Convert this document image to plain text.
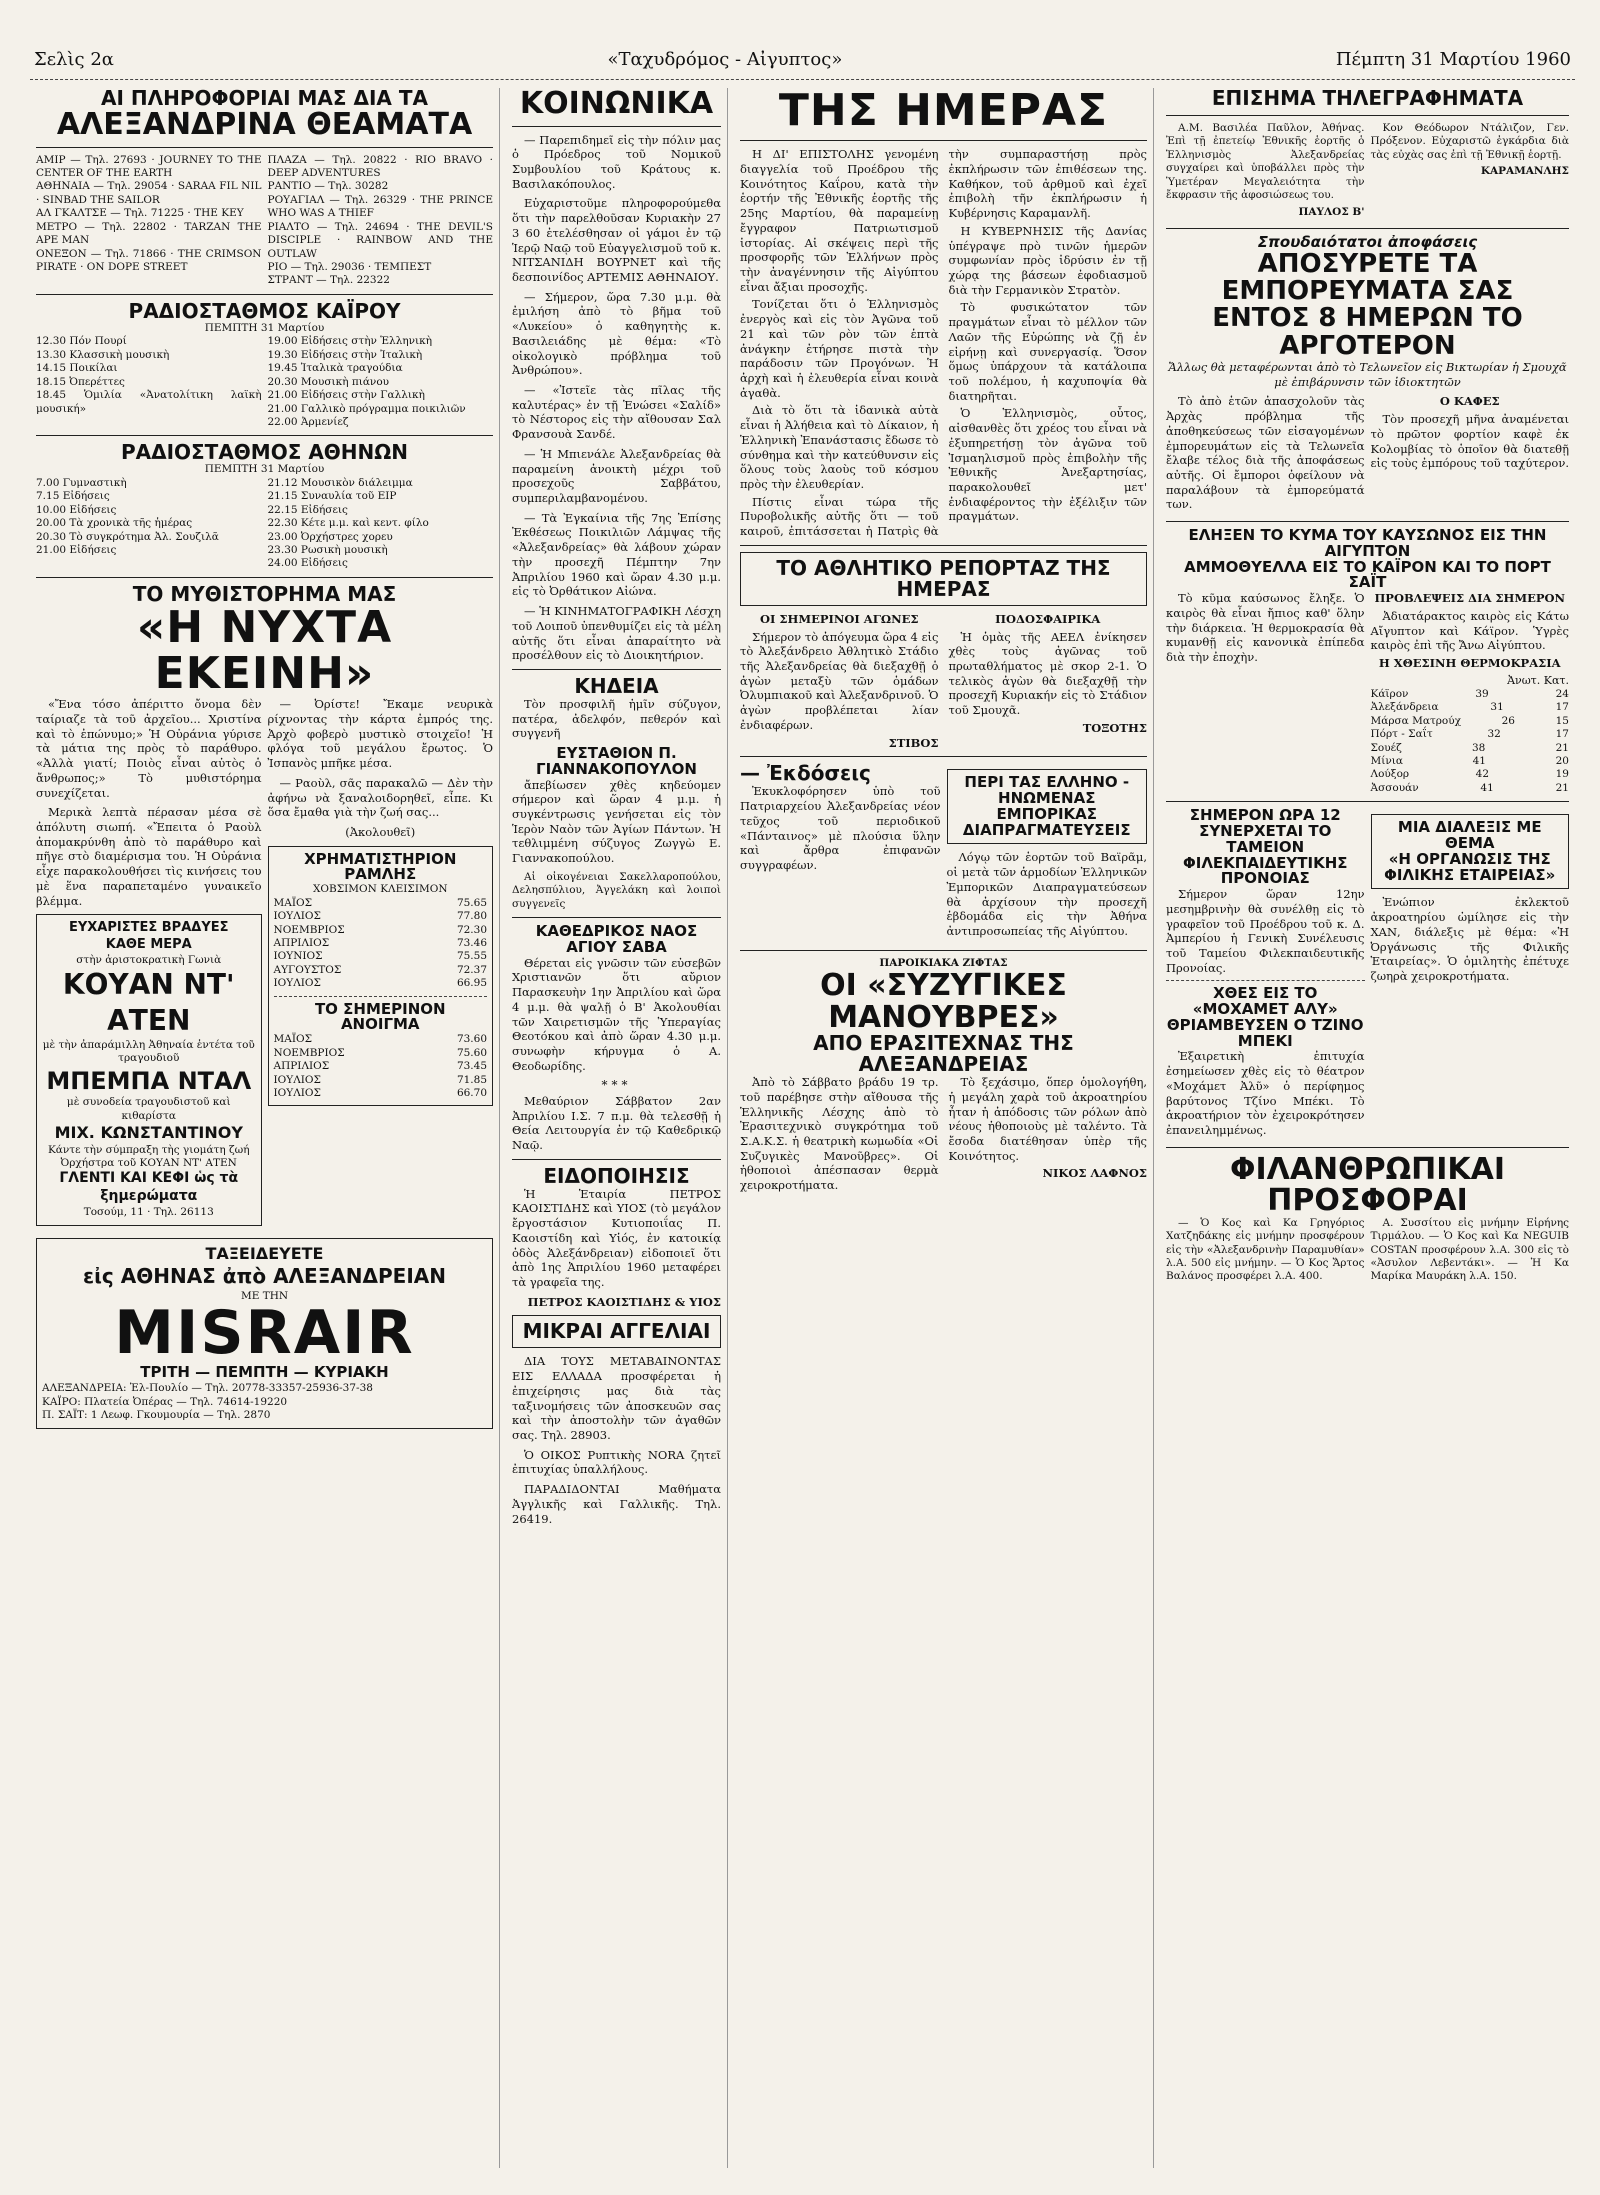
Σελὶς 2α	«Ταχυδρόμος - Αἰγυπτος»	Πέμπτη 31 Μαρτίου 1960
ΑΙ ΠΛΗΡΟΦΟΡΙΑΙ ΜΑΣ ΔΙΑ ΤΑ
ΑΛΕΞΑΝΔΡΙΝΑ ΘΕΑΜΑΤΑ
ΑΜΙΡ — Τηλ. 27693 · JOURNEY TO THE CENTER OF THE EARTH
ΑΘΗΝΑΙΑ — Τηλ. 29054 · SARAA FIL NIL · SINBAD THE SAILOR
ΑΛ ΓΚΑΛΤΣΕ — Τηλ. 71225 · THE KEY
ΜΕΤΡΟ — Τηλ. 22802 · TARZAN THE APE MAN
ΟΝΕΞΟΝ — Τηλ. 71866 · THE CRIMSON PIRATE · ON DOPE STREET
ΠΛΑΖΑ — Τηλ. 20822 · RIO BRAVO · DEEP ADVENTURES
ΡΑΝΤΙΟ — Τηλ. 30282
ΡΟΥΑΓΙΑΛ — Τηλ. 26329 · THE PRINCE WHO WAS A THIEF
ΡΙΑΛΤΟ — Τηλ. 24694 · THE DEVIL'S DISCIPLE · RAINBOW AND THE OUTLAW
ΡΙΟ — Τηλ. 29036 · ΤΕΜΠΕΣΤ
ΣΤΡΑΝΤ — Τηλ. 22322
ΡΑΔΙΟΣΤΑΘΜΟΣ ΚΑΪΡΟΥ
ΠΕΜΠΤΗ 31 Μαρτίου
12.30 Πόν Πουρί
13.30 Κλασσικὴ μουσικὴ
14.15 Ποικίλαι
18.15 Ὀπερέττες
18.45 Ὁμιλία «Ἀνατολίτικη λαϊκὴ μουσική»
19.00 Εἰδήσεις στὴν Ἑλληνικὴ
19.30 Εἰδήσεις στὴν Ἰταλικὴ
19.45 Ἰταλικὰ τραγούδια
20.30 Μουσικὴ πιάνου
21.00 Εἰδήσεις στὴν Γαλλικὴ
21.00 Γαλλικὸ πρόγραμμα ποικιλιῶν
22.00 Ἀρμενίεζ
ΡΑΔΙΟΣΤΑΘΜΟΣ ΑΘΗΝΩΝ
ΠΕΜΠΤΗ 31 Μαρτίου
7.00 Γυμναστικὴ
7.15 Εἰδήσεις
10.00 Εἰδήσεις
20.00 Τὰ χρονικὰ τῆς ἡμέρας
20.30 Τὸ συγκρότημα Ἀλ. Σουζιλᾶ
21.00 Εἰδήσεις
21.12 Μουσικὸν διάλειμμα
21.15 Συναυλία τοῦ ΕΙΡ
22.15 Εἰδήσεις
22.30 Κέτε μ.μ. καὶ κεντ. φίλο
23.00 Ὀρχήστρες χορευ
23.30 Ρωσικὴ μουσικὴ
24.00 Εἰδήσεις
ΤΟ ΜΥΘΙΣΤΟΡΗΜΑ ΜΑΣ
«Η ΝΥΧΤΑ ΕΚΕΙΝΗ»

«Ἔνα τόσο ἀπέριττο ὄνομα δὲν ταίριαζε τὰ τοῦ ἀρχεῖου... Χριστίνα καὶ τὸ ἐπώνυμο;» Ἡ Οὐράνια γύρισε τὰ μάτια της πρὸς τὸ παράθυρο. «Ἀλλὰ γιατί; Ποιὸς εἶναι αὐτὸς ὁ ἄνθρωπος;» Τὸ μυθιστόρημα συνεχίζεται.

Μερικὰ λεπτὰ πέρασαν μέσα σὲ ἀπόλυτη σιωπή. «Ἔπειτα ὁ Ραοὺλ ἀπομακρύνθη ἀπὸ τὸ παράθυρο καὶ πῆγε στὸ διαμέρισμα του. Ἡ Οὐράνια εἶχε παρακολουθήσει τὶς κινήσεις του μὲ ἕνα παραπεταμένο γυναικεῖο βλέμμα.

ΕΥΧΑΡΙΣΤΕΣ ΒΡΑΔΥΕΣ
ΚΑΘΕ ΜΕΡΑ
στὴν ἀριστοκρατικὴ Γωνιὰ
ΚΟΥΑΝ ΝΤ' ΑΤΕΝ
μὲ τὴν ἀπαράμιλλη Ἀθηναία ἑντέτα τοῦ τραγουδιοῦ
ΜΠΕΜΠΑ ΝΤΑΛ
μὲ συνοδεία τραγουδιστοῦ καὶ κιθαρίστα
ΜΙΧ. ΚΩΝΣΤΑΝΤΙΝΟΥ
Κάντε τὴν σύμπραξη τὴς γιομάτη ζωή Ὀρχήστρα τοῦ ΚΟΥΑΝ ΝΤ' ΑΤΕΝ
ΓΛΕΝΤΙ ΚΑΙ ΚΕΦΙ ὡς τὰ ξημερώματα
Τοσούμ, 11 · Τηλ. 26113

— Ὀρίστε! Ἔκαμε νευρικὰ ρίχνοντας τὴν κάρτα ἐμπρός της. Ἀρχὸ φοβερὸ μυστικὸ στοιχεῖο! Ἡ φλόγα τοῦ μεγάλου ἔρωτος. Ὁ Ἰσπανὸς μπῆκε μέσα.

— Ραοὺλ, σᾶς παρακαλῶ — Δὲν τὴν ἀφήνω νὰ ξαναλοιδορηθεῖ, εἶπε. Κι ὅσα ἔμαθα γιὰ τὴν ζωή σας...

(Ἀκολουθεῖ)

ΧΡΗΜΑΤΙΣΤΗΡΙΟΝ ΡΑΜΛΗΣ
ΧΟΒΣΙΜΟΝ ΚΛΕΙΣΙΜΟΝ
ΜΑΪΟΣ	75.65
ΙΟΥΛΙΟΣ	77.80
ΝΟΕΜΒΡΙΟΣ	72.30
ΑΠΡΙΛΙΟΣ	73.46
ΙΟΥΝΙΟΣ	75.55
ΑΥΓΟΥΣΤΟΣ	72.37
ΙΟΥΛΙΟΣ	66.95
ΤΟ ΣΗΜΕΡΙΝΟΝ ΑΝΟΙΓΜΑ
ΜΑΪΟΣ	73.60
ΝΟΕΜΒΡΙΟΣ	75.60
ΑΠΡΙΛΙΟΣ	73.45
ΙΟΥΛΙΟΣ	71.85
ΙΟΥΛΙΟΣ	66.70
ΤΑΞΕΙΔΕΥΕΤΕ
εἰς ΑΘΗΝΑΣ ἀπὸ ΑΛΕΞΑΝΔΡΕΙΑΝ
ΜΕ ΤΗΝ
MISRAIR
ΤΡΙΤΗ — ΠΕΜΠΤΗ — ΚΥΡΙΑΚΗ
ΑΛΕΞΑΝΔΡΕΙΑ: Ἐλ-Πουλίο — Τηλ. 20778-33357-25936-37-38
ΚΑΪΡΟ: Πλατεία Ὀπέρας — Τηλ. 74614-19220
Π. ΣΑΪΤ: 1 Λεωφ. Γκουμουρία — Τηλ. 2870
ΚΟΙΝΩΝΙΚΑ

— Παρεπιδημεῖ εἰς τὴν πόλιν μας ὁ Πρόεδρος τοῦ Νομικοῦ Συμβουλίου τοῦ Κράτους κ. Βασιλακόπουλος.

Εὐχαριστοῦμε πληροφορούμεθα ὅτι τὴν παρελθοῦσαν Κυριακὴν 27 3 60 ἐτελέσθησαν οἱ γάμοι ἐν τῷ Ἱερῷ Ναῷ τοῦ Εὐαγγελισμοῦ τοῦ κ. ΝΙΤΣΑΝΙΔΗ ΒΟΥΡΝΕΤ καὶ τῆς δεσποινίδος ΑΡΤΕΜΙΣ ΑΘΗΝΑΙΟΥ.

— Σήμερον, ὥρα 7.30 μ.μ. θὰ ἐμιλήση ἀπὸ τὸ βῆμα τοῦ «Λυκείου» ὁ καθηγητὴς κ. Βασιλειάδης μὲ θέμα: «Τὸ οἰκολογικὸ πρόβλημα τοῦ Ἀνθρώπου».

— «Ἱστεῖε τὰς πῖλας τῆς καλυτέρας» ἐν τῇ Ἑνώσει «Σαλίδ» τὸ Νέστορος εἰς τὴν αἴθουσαν Σαλ Φρανσουὰ Σανδέ.

— Ἡ Μπιενάλε Ἀλεξανδρείας θὰ παραμείνη ἀνοικτὴ μέχρι τοῦ προσεχοῦς Σαββάτου, συμπεριλαμβανομένου.

— Τὰ Ἐγκαίνια τῆς 7ης Ἐπίσης Ἐκθέσεως Ποικιλιῶν Λάμψας τῆς «Ἀλεξανδρείας» θὰ λάβουν χώραν τὴν προσεχῆ Πέμπτην 7ην Ἀπριλίου 1960 καὶ ὥραν 4.30 μ.μ. εἰς τὸ Ὀρθάτικον Αἰώνα.

— Ἡ ΚΙΝΗΜΑΤΟΓΡΑΦΙΚΗ Λέσχη τοῦ Λοιποῦ ὑπενθυμίζει εἰς τὰ μέλη αὐτῆς ὅτι εἶναι ἀπαραίτητο νὰ προσέλθουν εἰς τὸ Διοικητήριον.

ΚΗΔΕΙΑ

Τὸν προσφιλῆ ἡμῖν σύζυγον, πατέρα, ἀδελφόν, πεθερόν καὶ συγγενῆ

ΕΥΣΤΑΘΙΟΝ Π. ΓΙΑΝΝΑΚΟΠΟΥΛΟΝ

ἄπεβίωσεν χθὲς κηδεύομεν σήμερον καὶ ὥραν 4 μ.μ. ἡ συγκέντρωσις γενήσεται εἰς τὸν Ἱερὸν Ναὸν τῶν Ἀγίων Πάντων. Ἡ τεθλιμμένη σύζυγος Ζωγγὼ Ε. Γιαννακοπούλου.

Αἱ οἰκογένειαι Σακελλαροπούλου, Δελησπύλιου, Ἀγγελάκη καὶ λοιποὶ συγγενεῖς

ΚΑΘΕΔΡΙΚΟΣ ΝΑΟΣ ΑΓΙΟΥ ΣΑΒΑ

Θέρεται εἰς γνῶσιν τῶν εὐσεβῶν Χριστιανῶν ὅτι αὔριον Παρασκευὴν 1ην Ἀπριλίου καὶ ὥρα 4 μ.μ. θὰ ψαλῇ ὁ Β' Ἀκολουθίαι τῶν Χαιρετισμῶν τῆς Ὑπεραγίας Θεοτόκου καὶ ἀπὸ ὥραν 4.30 μ.μ. συνωφὴν κήρυγμα ὁ Α. Θεοδωρίδης.

***

Μεθαύριον Σάββατον 2αν Ἀπριλίου Ι.Σ. 7 π.μ. θὰ τελεσθῇ ἡ Θεία Λειτουργία ἐν τῷ Καθεδρικῷ Ναῷ.

ΕΙΔΟΠΟΙΗΣΙΣ

Ἡ Ἑταιρία ΠΕΤΡΟΣ ΚΑΟΙΣΤΙΔΗΣ καὶ ΥΙΟΣ (τὸ μεγάλον ἔργοστάσιον Κυτιοποιΐας Π. Καοιστίδη καὶ Υἱός, ἐν κατοικίᾳ ὁδὸς Ἀλεξάνδρειαν) εἰδοποιεῖ ὅτι ἀπὸ 1ης Ἀπριλίου 1960 μεταφέρει τὰ γραφεῖα της.

ΠΕΤΡΟΣ ΚΑΟΙΣΤΙΔΗΣ & ΥΙΟΣ

ΜΙΚΡΑΙ ΑΓΓΕΛΙΑΙ

ΔΙΑ ΤΟΥΣ ΜΕΤΑΒΑΙΝΟΝΤΑΣ ΕΙΣ ΕΛΛΑΔΑ προσφέρεται ἡ ἐπιχείρησις μας διὰ τὰς ταξινομήσεις τῶν ἀποσκευῶν σας καὶ τὴν ἀποστολὴν τῶν ἀγαθῶν σας. Τηλ. 28903.

Ὁ ΟΙΚΟΣ Ρυπτικὴς NORA ζητεῖ ἐπιτυχίας ὑπαλλήλους.

ΠΑΡΑΔΙΔΟΝΤΑΙ Μαθήματα Ἀγγλικῆς καὶ Γαλλικῆς. Τηλ. 26419.

ΤΗΣ ΗΜΕΡΑΣ

Η ΔΙ' ΕΠΙΣΤΟΛΗΣ γενομένη διαγγελία τοῦ Προέδρου τῆς Κοινότητος Καΐρου, κατὰ τὴν ἑορτήν τῆς Ἐθνικῆς ἑορτῆς τῆς 25ης Μαρτίου, θὰ παραμείνῃ ἔγγραφον Πατριωτισμοῦ ἱστορίας. Αἱ σκέψεις περὶ τῆς προσφορῆς τῶν Ἑλλήνων πρὸς τὴν ἀναγέννησιν τῆς Αἰγύπτου εἶναι ἄξιαι προσοχῆς.

Τονίζεται ὅτι ὁ Ἑλληνισμὸς ἐνεργὸς καὶ εἰς τὸν Ἀγῶνα τοῦ 21 καὶ τῶν ρὸν τῶν ἑπτὰ ἀνάγκην ἐτήρησε πιστὰ τὴν παράδοσιν τῶν Προγόνων. Ἡ ἀρχὴ καὶ ἡ ἐλευθερία εἶναι κοινὰ ἀγαθὰ.

Διὰ τὸ ὅτι τὰ ἰδανικὰ αὐτὰ εἶναι ἡ Ἀλήθεια καὶ τὸ Δίκαιον, ἡ Ἑλληνικὴ Ἐπανάστασις ἔδωσε τὸ σύνθημα καὶ τὴν κατεύθυνσιν εἰς ὅλους τοὺς λαοὺς τοῦ κόσμου πρὸς τὴν ἐλευθερίαν.

Πίστις εἶναι τώρα τῆς Πυροβολικῆς αὐτῆς ὅτι — τοῦ καιροῦ, ἐπιτάσσεται ἡ Πατρὶς θὰ τὴν συμπαραστήσῃ πρὸς ἐκπλήρωσιν τῶν ἐπιθέσεων της. Καθήκον, τοῦ ἀρθμοῦ καὶ ἐχεῖ ἐπιβολὴ τῆν ἐκπλήρωσιν ἡ Κυβέρνησις Καραμανλῆ.

Η ΚΥΒΕΡΝΗΣΙΣ τῆς Δανίας ὑπέγραψε πρὸ τινῶν ἡμερῶν συμφωνίαν πρὸς ἰδρύσιν ἐν τῇ χώρᾳ της βάσεων ἐφοδιασμοῦ διὰ τὴν Γερμανικὸν Στρατὸν.

Τὸ φυσικώτατον τῶν πραγμάτων εἶναι τὸ μέλλον τῶν Λαῶν τῆς Εὐρώπης νὰ ζῇ ἐν εἰρήνῃ καὶ συνεργασίᾳ. Ὅσον ὅμως ὑπάρχουν τὰ κατάλοιπα τοῦ πολέμου, ἡ καχυποψία θὰ διατηρῆται.

Ὁ Ἑλληνισμὸς, οὗτος, αἰσθανθὲς ὅτι χρέος του εἶναι νὰ ἐξυπηρετήσῃ τὸν ἀγῶνα τοῦ Ἰσμαηλισμοῦ πρὸς ἐπιβολὴν τῆς Ἐθνικῆς Ἀνεξαρτησίας, παρακολουθεῖ μετ' ἐνδιαφέροντος τὴν ἐξέλιξιν τῶν πραγμάτων.

ΤΟ ΑΘΛΗΤΙΚΟ ΡΕΠΟΡΤΑΖ ΤΗΣ ΗΜΕΡΑΣ

ΟΙ ΣΗΜΕΡΙΝΟΙ ΑΓΩΝΕΣ

Σήμερον τὸ ἀπόγευμα ὥρα 4 εἰς τὸ Ἀλεξάνδρειο Ἀθλητικὸ Στάδιο τῆς Ἀλεξανδρείας θὰ διεξαχθῇ ὁ ἀγὼν μεταξὺ τῶν ὁμάδων Ὀλυμπιακοῦ καὶ Ἀλεξανδρινοῦ. Ὁ ἀγὼν προβλέπεται λίαν ἐνδιαφέρων.

ΣΤΙΒΟΣ

ΠΟΔΟΣΦΑΙΡΙΚΑ

Ἡ ὁμὰς τῆς ΑΕΕΛ ἐνίκησεν χθὲς τοὺς ἀγῶνας τοῦ πρωταθλήματος μὲ σκορ 2-1. Ὁ τελικὸς ἀγὼν θὰ διεξαχθῇ τὴν προσεχῆ Κυριακήν εἰς τὸ Στάδιον τοῦ Σμουχᾶ.

ΤΟΞΟΤΗΣ

— Ἐκδόσεις

Ἐκυκλοφόρησεν ὑπὸ τοῦ Πατριαρχείου Ἀλεξανδρείας νέον τεῦχος τοῦ περιοδικοῦ «Πάνταινος» μὲ πλούσια ὕλην καὶ ἄρθρα ἐπιφανῶν συγγραφέων.

ΠΕΡΙ ΤΑΣ ΕΛΛΗΝΟ - ΗΝΩΜΕΝΑΣ ΕΜΠΟΡΙΚΑΣ ΔΙΑΠΡΑΓΜΑΤΕΥΣΕΙΣ

Λόγῳ τῶν ἑορτῶν τοῦ Βαϊρᾶμ, οἱ μετὰ τῶν ἁρμοδίων Ἑλληνικῶν Ἐμπορικῶν Διαπραγματεύσεων θὰ ἀρχίσουν τὴν προσεχῆ ἑβδομάδα εἰς τὴν Ἀθήνα ἀντιπροσωπείας τῆς Αἰγύπτου.

ΠΑΡΟΙΚΙΑΚΑ ΖΙΦΤΑΣ
ΟΙ «ΣΥΖΥΓΙΚΕΣ ΜΑΝΟΥΒΡΕΣ»
ΑΠΟ ΕΡΑΣΙΤΕΧΝΑΣ ΤΗΣ ΑΛΕΞΑΝΔΡΕΙΑΣ

Ἀπὸ τὸ Σάββατο βράδυ 19 τρ. τοῦ παρέβησε στὴν αἴθουσα τῆς Ἑλληνικῆς Λέσχης ἀπὸ τὸ Ἐρασιτεχνικὸ συγκρότημα τοῦ Σ.Α.Κ.Σ. ἡ θεατρικὴ κωμωδία «Οἱ Συζυγικὲς Μανοῦβρες». Οἱ ἡθοποιοὶ ἀπέσπασαν θερμὰ χειροκροτήματα.

Τὸ ξεχάσιμο, ὅπερ ὁμολογήθη, ἡ μεγάλη χαρὰ τοῦ ἀκροατηρίου ἦταν ἡ ἀπόδοσις τῶν ρόλων ἀπὸ νέους ἡθοποιοὺς μὲ ταλέντο. Τὰ ἔσοδα διατέθησαν ὑπὲρ τῆς Κοινότητος.

ΝΙΚΟΣ ΛΑΦΝΟΣ

ΕΠΙΣΗΜΑ ΤΗΛΕΓΡΑΦΗΜΑΤΑ

Α.Μ. Βασιλέα Παῦλον, Ἀθήνας. Ἐπὶ τῇ ἐπετείῳ Ἐθνικῆς ἑορτῆς ὁ Ἑλληνισμὸς Ἀλεξανδρείας συγχαίρει καὶ ὑποβάλλει πρὸς τὴν Ὑμετέραν Μεγαλειότητα τὴν ἔκφρασιν τῆς ἀφοσιώσεως του.

ΠΑΥΛΟΣ Β'

Κον Θεόδωρον Ντάλιζον, Γεν. Πρόξενον. Εὐχαριστῶ ἐγκάρδια διὰ τὰς εὐχὰς σας ἐπὶ τῇ Ἐθνικῇ ἑορτῇ.

ΚΑΡΑΜΑΝΛΗΣ

Σπουδαιότατοι ἀποφάσεις
ΑΠΟΣΥΡΕΤΕ ΤΑ ΕΜΠΟΡΕΥΜΑΤΑ ΣΑΣ
ΕΝΤΟΣ 8 ΗΜΕΡΩΝ ΤΟ ΑΡΓΟΤΕΡΟΝ

Ἄλλως θὰ μεταφέρωνται ἀπὸ τὸ Τελωνεῖον εἰς Βικτωρίαν ἡ Σμουχᾶ μὲ ἐπιβάρυνσιν τῶν ἰδιοκτητῶν

Τὸ ἀπὸ ἑτῶν ἀπασχολοῦν τὰς Ἀρχὰς πρόβλημα τῆς ἀποθηκεύσεως τῶν εἰσαγομένων ἐμπορευμάτων εἰς τὰ Τελωνεῖα ἔλαβε τέλος διὰ τῆς ἀποφάσεως αὐτῆς. Οἱ ἔμποροι ὀφείλουν νὰ παραλάβουν τὰ ἐμπορεύματά των.

Ο ΚΑΦΕΣ

Τὸν προσεχῆ μῆνα ἀναμένεται τὸ πρῶτον φορτίον καφὲ ἐκ Κολομβίας τὸ ὁποῖον θὰ διατεθῇ εἰς τοὺς ἐμπόρους τοῦ ταχύτερον.

ΕΛΗΞΕΝ ΤΟ ΚΥΜΑ ΤΟΥ ΚΑΥΣΩΝΟΣ ΕΙΣ ΤΗΝ ΑΙΓΥΠΤΟΝ
ΑΜΜΟΘΥΕΛΛΑ ΕΙΣ ΤΟ ΚΑΪΡΟΝ ΚΑΙ ΤΟ ΠΟΡΤ ΣΑΪΤ

Τὸ κῦμα καύσωνος ἔληξε. Ὁ καιρὸς θὰ εἶναι ἤπιος καθ' ὅλην τὴν διάρκεια. Ἡ θερμοκρασία θὰ κυμανθῇ εἰς κανονικὰ ἐπίπεδα διὰ τὴν ἐποχὴν.

ΠΡΟΒΛΕΨΕΙΣ ΔΙΑ ΣΗΜΕΡΟΝ

Ἀδιατάρακτος καιρὸς εἰς Κάτω Αἴγυπτον καὶ Κάϊρον. Ὑγρὲς καιρὸς ἐπὶ τῆς Ἄνω Αἰγύπτου.

Η ΧΘΕΣΙΝΗ ΘΕΡΜΟΚΡΑΣΙΑ

Ἀνωτ. Κατ.
Κάϊρον	39	24
Ἀλεξάνδρεια	31	17
Μάρσα Ματρούχ	26	15
Πόρτ - Σαΐτ	32	17
Σουέζ	38	21
Μίνια	41	20
Λούξορ	42	19
Ἀσσουάν	41	21
ΣΗΜΕΡΟΝ ΩΡΑ 12 ΣΥΝΕΡΧΕΤΑΙ ΤΟ ΤΑΜΕΙΟΝ ΦΙΛΕΚΠΑΙΔΕΥΤΙΚΗΣ ΠΡΟΝΟΙΑΣ

Σήμερον ὥραν 12ην μεσημβρινὴν θὰ συνέλθῃ εἰς τὸ γραφεῖον τοῦ Προέδρου τοῦ κ. Δ. Ἀμπερίου ἡ Γενικὴ Συνέλευσις τοῦ Ταμείου Φιλεκπαιδευτικῆς Προνοίας.

ΧΘΕΣ ΕΙΣ ΤΟ «ΜΟΧΑΜΕΤ ΑΛΥ»
ΘΡΙΑΜΒΕΥΣΕΝ Ο ΤΖΙΝΟ ΜΠΕΚΙ

Ἐξαιρετικὴ ἐπιτυχία ἐσημείωσεν χθὲς εἰς τὸ θέατρον «Μοχάμετ Ἀλῦ» ὁ περίφημος βαρύτονος Τζίνο Μπέκι. Τὸ ἀκροατήριον τὸν ἐχειροκρότησεν ἐπανειλημμένως.

ΜΙΑ ΔΙΑΛΕΞΙΣ ΜΕ ΘΕΜΑ
«Η ΟΡΓΑΝΩΣΙΣ ΤΗΣ ΦΙΛΙΚΗΣ ΕΤΑΙΡΕΙΑΣ»

Ἐνώπιον ἐκλεκτοῦ ἀκροατηρίου ὡμίλησε εἰς τὴν ΧΑΝ, διάλεξις μὲ θέμα: «Ἡ Ὀργάνωσις τῆς Φιλικῆς Ἑταιρείας». Ὁ ὁμιλητὴς ἐπέτυχε ζωηρὰ χειροκροτήματα.

ΦΙΛΑΝΘΡΩΠΙΚΑΙ ΠΡΟΣΦΟΡΑΙ

— Ὁ Κος καὶ Κα Γρηγόριος Χατζηδάκης εἰς μνήμην προσφέρουν εἰς τὴν «Ἀλεξανδρινὴν Παραμυθίαν» λ.Α. 500 εἰς μνήμην. — Ὁ Κος Ἄρτος Βαλάνος προσφέρει λ.Α. 400.

Α. Συσσίτου εἰς μνήμην Εἰρήνης Τιρμάλου. — Ὁ Κος καὶ Κα ΝΕGUIB COSTAN προσφέρουν λ.Α. 300 εἰς τὸ «Ἀσυλον Λεβεντάκι». — Ἡ Κα Μαρίκα Μαυράκη λ.Α. 150.
